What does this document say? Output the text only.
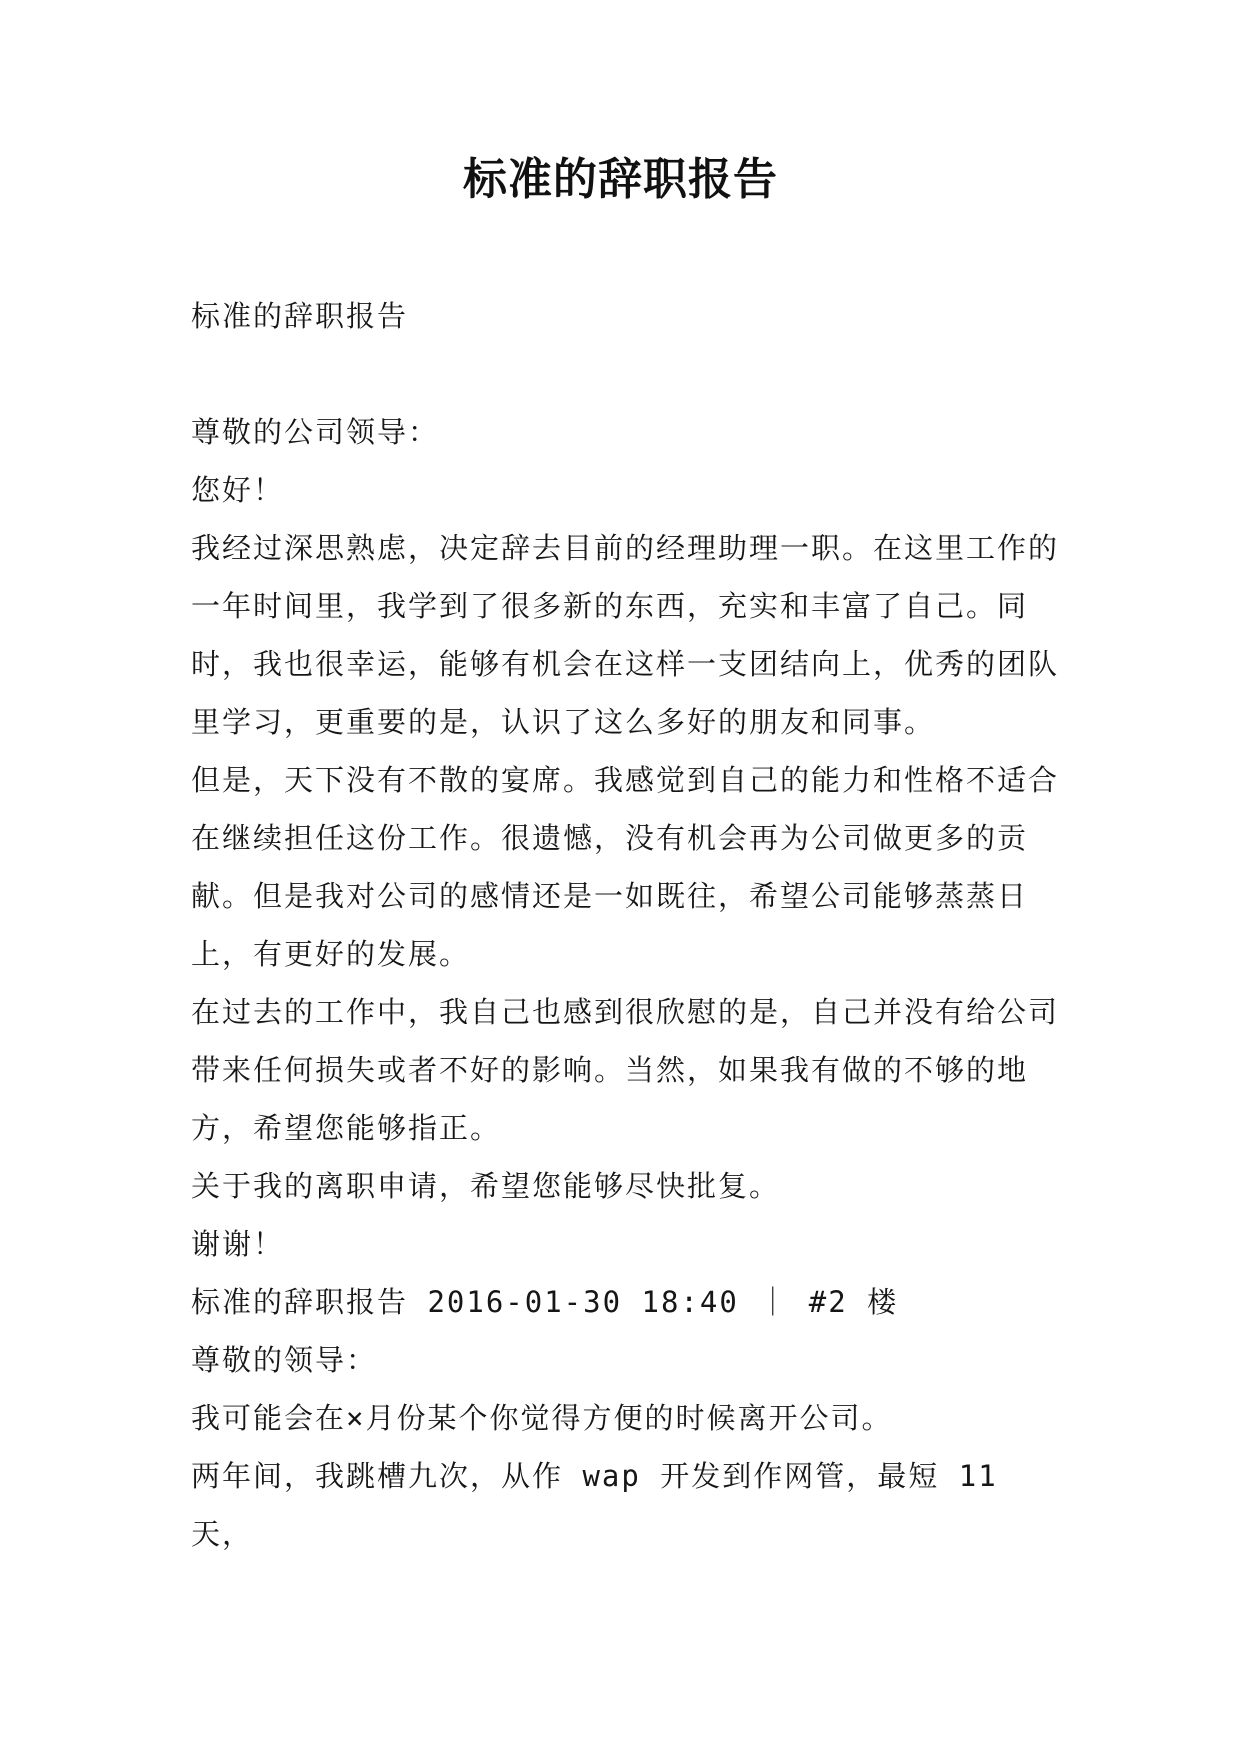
标准的辞职报告
标准的辞职报告

尊敬的公司领导：

您好！

我经过深思熟虑，决定辞去目前的经理助理一职。在这里工作的一年时间里，我学到了很多新的东西，充实和丰富了自己。同时，我也很幸运，能够有机会在这样一支团结向上，优秀的团队里学习，更重要的是，认识了这么多好的朋友和同事。

但是，天下没有不散的宴席。我感觉到自己的能力和性格不适合在继续担任这份工作。很遗憾，没有机会再为公司做更多的贡献。但是我对公司的感情还是一如既往，希望公司能够蒸蒸日上，有更好的发展。

在过去的工作中，我自己也感到很欣慰的是，自己并没有给公司带来任何损失或者不好的影响。当然，如果我有做的不够的地方，希望您能够指正。

关于我的离职申请，希望您能够尽快批复。

谢谢！

标准的辞职报告 2016-01-30 18:40 ｜ #2 楼

尊敬的领导：

我可能会在×月份某个你觉得方便的时候离开公司。

两年间，我跳槽九次，从作 wap 开发到作网管，最短 11 天，
